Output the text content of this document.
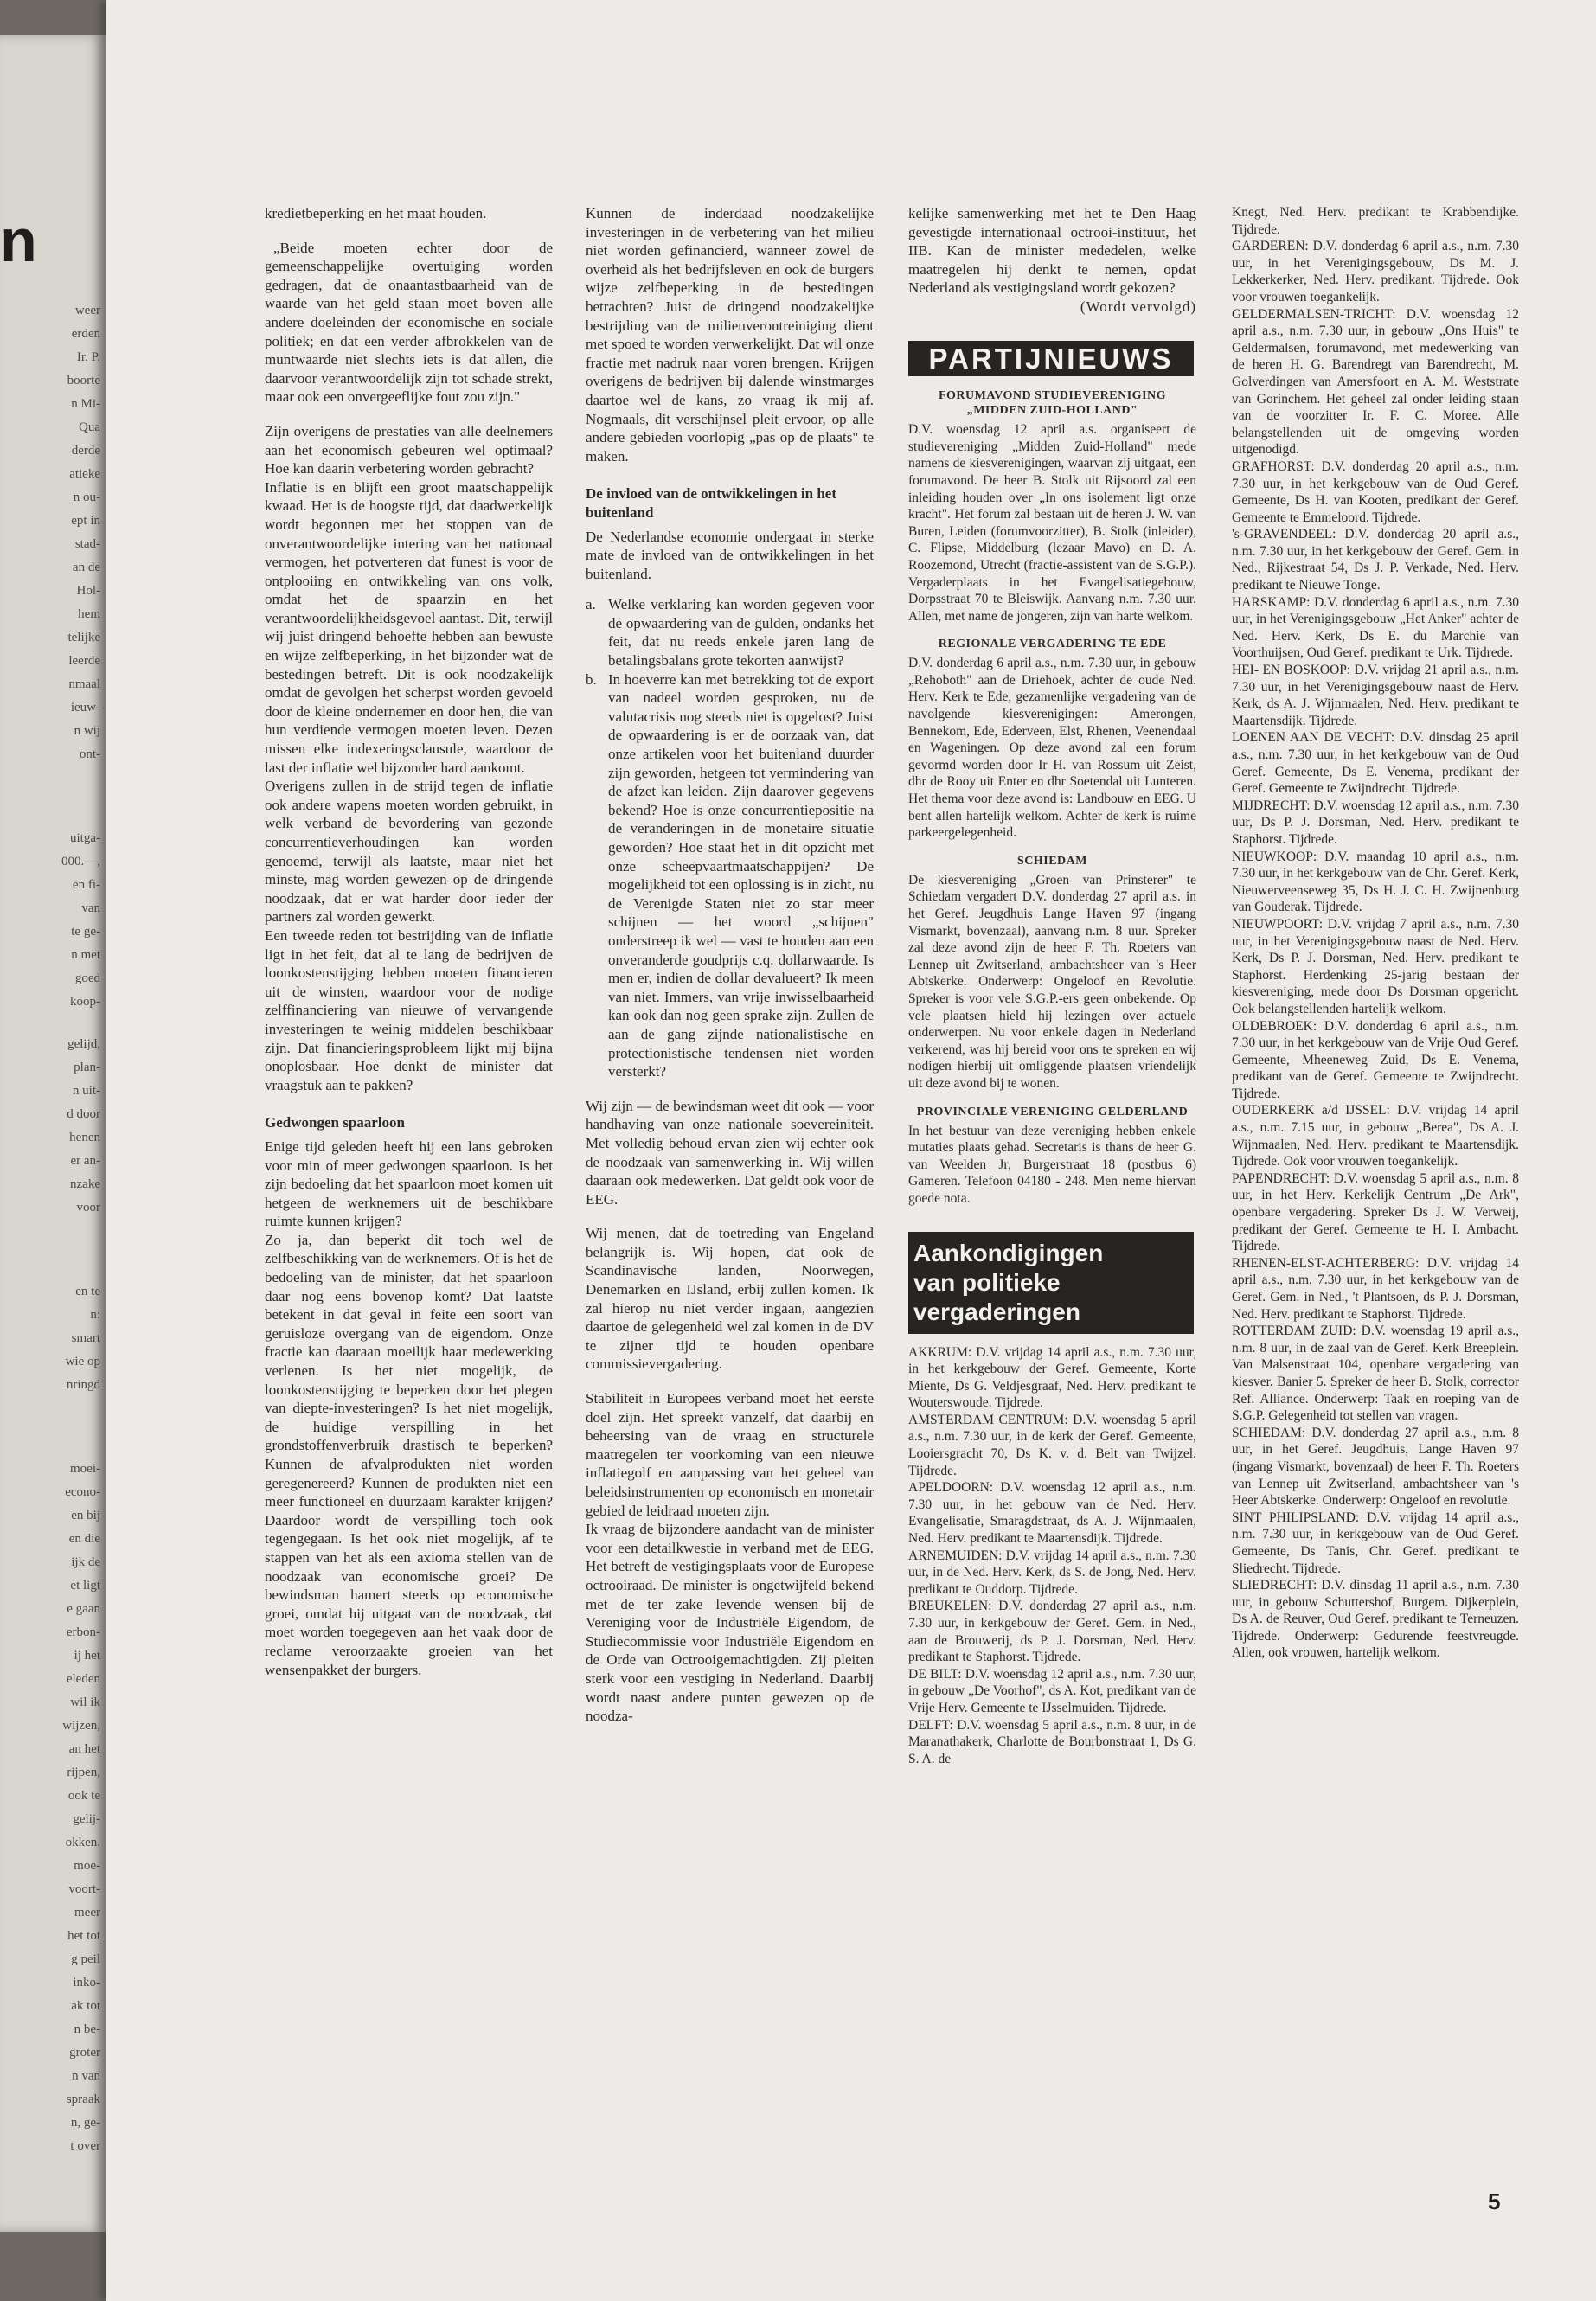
n
weer
erden
Ir. P.
boorte
n Mi-
Qua
derde
atieke
n ou-
ept in
stad-
an de
Hol-
hem
telijke
leerde
nmaal
ieuw-
n wij
ont-
uitga-
000.—,
en fi-
van
te ge-
n met
goed
koop-
gelijd,
plan-
n uit-
d door
henen
er an-
nzake
voor
en te
n:
smart
wie op
nringd
moei-
econo-
en bij
en die
ijk de
et ligt
e gaan
erbon-
ij het
eleden
wil ik
wijzen,
an het
rijpen,
ook te
gelij-
okken.
moe-
voort-
meer
het tot
g peil
inko-
ak tot
n be-
groter
n van
spraak
n, ge-
t over

kredietbeperking en het maat houden.

„Beide moeten echter door de gemeenschappelijke overtuiging worden gedragen, dat de onaantastbaarheid van de waarde van het geld staan moet boven alle andere doeleinden der economische en sociale politiek; en dat een verder afbrokkelen van de muntwaarde niet slechts iets is dat allen, die daarvoor verantwoordelijk zijn tot schade strekt, maar ook een onvergeeflijke fout zou zijn."

Zijn overigens de prestaties van alle deelnemers aan het economisch gebeuren wel optimaal? Hoe kan daarin verbetering worden gebracht?

Inflatie is en blijft een groot maatschappelijk kwaad. Het is de hoogste tijd, dat daadwerkelijk wordt begonnen met het stoppen van de onverantwoordelijke intering van het nationaal vermogen, het potverteren dat funest is voor de ontplooiing en ontwikkeling van ons volk, omdat het de spaarzin en het verantwoordelijkheidsgevoel aantast. Dit, terwijl wij juist dringend behoefte hebben aan bewuste en wijze zelfbeperking, in het bijzonder wat de bestedingen betreft. Dit is ook noodzakelijk omdat de gevolgen het scherpst worden gevoeld door de kleine ondernemer en door hen, die van hun verdiende vermogen moeten leven. Dezen missen elke indexeringsclausule, waardoor de last der inflatie wel bijzonder hard aankomt.

Overigens zullen in de strijd tegen de inflatie ook andere wapens moeten worden gebruikt, in welk verband de bevordering van gezonde concurrentieverhoudingen kan worden genoemd, terwijl als laatste, maar niet het minste, mag worden gewezen op de dringende noodzaak, dat er wat harder door ieder der partners zal worden gewerkt.

Een tweede reden tot bestrijding van de inflatie ligt in het feit, dat al te lang de bedrijven de loonkostenstijging hebben moeten financieren uit de winsten, waardoor voor de nodige zelffinanciering van nieuwe of vervangende investeringen te weinig middelen beschikbaar zijn. Dat financieringsprobleem lijkt mij bijna onoplosbaar. Hoe denkt de minister dat vraagstuk aan te pakken?

Gedwongen spaarloon

Enige tijd geleden heeft hij een lans gebroken voor min of meer gedwongen spaarloon. Is het zijn bedoeling dat het spaarloon moet komen uit hetgeen de werknemers uit de beschikbare ruimte kunnen krijgen?

Zo ja, dan beperkt dit toch wel de zelfbeschikking van de werknemers. Of is het de bedoeling van de minister, dat het spaarloon daar nog eens bovenop komt? Dat laatste betekent in dat geval in feite een soort van geruisloze overgang van de eigendom. Onze fractie kan daaraan moeilijk haar medewerking verlenen. Is het niet mogelijk, de loonkostenstijging te beperken door het plegen van diepte-investeringen? Is het niet mogelijk, de huidige verspilling in het grondstoffenverbruik drastisch te beperken? Kunnen de afvalprodukten niet worden geregenereerd? Kunnen de produkten niet een meer functioneel en duurzaam karakter krijgen? Daardoor wordt de verspilling toch ook tegengegaan. Is het ook niet mogelijk, af te stappen van het als een axioma stellen van de noodzaak van economische groei? De bewindsman hamert steeds op economische groei, omdat hij uitgaat van de noodzaak, dat moet worden toegegeven aan het vaak door de reclame veroorzaakte groeien van het wensenpakket der burgers.

Kunnen de inderdaad noodzakelijke investeringen in de verbetering van het milieu niet worden gefinancierd, wanneer zowel de overheid als het bedrijfsleven en ook de burgers wijze zelfbeperking in de bestedingen betrachten? Juist de dringend noodzakelijke bestrijding van de milieuverontreiniging dient met spoed te worden verwerkelijkt. Dat wil onze fractie met nadruk naar voren brengen. Krijgen overigens de bedrijven bij dalende winstmarges daartoe wel de kans, zo vraag ik mij af. Nogmaals, dit verschijnsel pleit ervoor, op alle andere gebieden voorlopig „pas op de plaats" te maken.

De invloed van de ontwikkelingen in het buitenland

De Nederlandse economie ondergaat in sterke mate de invloed van de ontwikkelingen in het buitenland.

a. Welke verklaring kan worden gegeven voor de opwaardering van de gulden, ondanks het feit, dat nu reeds enkele jaren lang de betalingsbalans grote tekorten aanwijst?
b. In hoeverre kan met betrekking tot de export van nadeel worden gesproken, nu de valutacrisis nog steeds niet is opgelost? Juist de opwaardering is er de oorzaak van, dat onze artikelen voor het buitenland duurder zijn geworden, hetgeen tot vermindering van de afzet kan leiden. Zijn daarover gegevens bekend? Hoe is onze concurrentiepositie na de veranderingen in de monetaire situatie geworden? Hoe staat het in dit opzicht met onze scheepvaartmaatschappijen? De mogelijkheid tot een oplossing is in zicht, nu de Verenigde Staten niet zo star meer schijnen — het woord „schijnen" onderstreep ik wel — vast te houden aan een onveranderde goudprijs c.q. dollarwaarde. Is men er, indien de dollar devalueert? Ik meen van niet. Immers, van vrije inwisselbaarheid kan ook dan nog geen sprake zijn. Zullen de aan de gang zijnde nationalistische en protectionistische tendensen niet worden versterkt?

Wij zijn — de bewindsman weet dit ook — voor handhaving van onze nationale soevereiniteit. Met volledig behoud ervan zien wij echter ook de noodzaak van samenwerking in. Wij willen daaraan ook medewerken. Dat geldt ook voor de EEG.

Wij menen, dat de toetreding van Engeland belangrijk is. Wij hopen, dat ook de Scandinavische landen, Noorwegen, Denemarken en IJsland, erbij zullen komen. Ik zal hierop nu niet verder ingaan, aangezien daartoe de gelegenheid wel zal komen in de DV te zijner tijd te houden openbare commissievergadering.

Stabiliteit in Europees verband moet het eerste doel zijn. Het spreekt vanzelf, dat daarbij en beheersing van de vraag en structurele maatregelen ter voorkoming van een nieuwe inflatiegolf en aanpassing van het geheel van beleidsinstrumenten op economisch en monetair gebied de leidraad moeten zijn.

Ik vraag de bijzondere aandacht van de minister voor een detailkwestie in verband met de EEG. Het betreft de vestigingsplaats voor de Europese octrooiraad. De minister is ongetwijfeld bekend met de ter zake levende wensen bij de Vereniging voor de Industriële Eigendom, de Studiecommissie voor Industriële Eigendom en de Orde van Octrooigemachtigden. Zij pleiten sterk voor een vestiging in Nederland. Daarbij wordt naast andere punten gewezen op de noodza-

kelijke samenwerking met het te Den Haag gevestigde internationaal octrooi-instituut, het IIB. Kan de minister mededelen, welke maatregelen hij denkt te nemen, opdat Nederland als vestigingsland wordt gekozen?

(Wordt vervolgd)

PARTIJNIEUWS
FORUMAVOND STUDIEVERENIGING „MIDDEN ZUID-HOLLAND"

D.V. woensdag 12 april a.s. organiseert de studievereniging „Midden Zuid-Holland" mede namens de kiesverenigingen, waarvan zij uitgaat, een forumavond. De heer B. Stolk uit Rijsoord zal een inleiding houden over „In ons isolement ligt onze kracht". Het forum zal bestaan uit de heren J. W. van Buren, Leiden (forumvoorzitter), B. Stolk (inleider), C. Flipse, Middelburg (lezaar Mavo) en D. A. Roozemond, Utrecht (fractie-assistent van de S.G.P.). Vergaderplaats in het Evangelisatiegebouw, Dorpsstraat 70 te Bleiswijk. Aanvang n.m. 7.30 uur. Allen, met name de jongeren, zijn van harte welkom.

REGIONALE VERGADERING TE EDE

D.V. donderdag 6 april a.s., n.m. 7.30 uur, in gebouw „Rehoboth" aan de Driehoek, achter de oude Ned. Herv. Kerk te Ede, gezamenlijke vergadering van de navolgende kiesverenigingen: Amerongen, Bennekom, Ede, Ederveen, Elst, Rhenen, Veenendaal en Wageningen. Op deze avond zal een forum gevormd worden door Ir H. van Rossum uit Zeist, dhr de Rooy uit Enter en dhr Soetendal uit Lunteren. Het thema voor deze avond is: Landbouw en EEG. U bent allen hartelijk welkom. Achter de kerk is ruime parkeergelegenheid.

SCHIEDAM

De kiesvereniging „Groen van Prinsterer" te Schiedam vergadert D.V. donderdag 27 april a.s. in het Geref. Jeugdhuis Lange Haven 97 (ingang Vismarkt, bovenzaal), aanvang n.m. 8 uur. Spreker zal deze avond zijn de heer F. Th. Roeters van Lennep uit Zwitserland, ambachtsheer van 's Heer Abtskerke. Onderwerp: Ongeloof en Revolutie. Spreker is voor vele S.G.P.-ers geen onbekende. Op vele plaatsen hield hij lezingen over actuele onderwerpen. Nu voor enkele dagen in Nederland verkerend, was hij bereid voor ons te spreken en wij nodigen hierbij uit omliggende plaatsen vriendelijk uit deze avond bij te wonen.

PROVINCIALE VERENIGING GELDERLAND

In het bestuur van deze vereniging hebben enkele mutaties plaats gehad. Secretaris is thans de heer G. van Weelden Jr, Burgerstraat 18 (postbus 6) Gameren. Telefoon 04180 - 248. Men neme hiervan goede nota.

Aankondigingen
van politieke vergaderingen

AKKRUM: D.V. vrijdag 14 april a.s., n.m. 7.30 uur, in het kerkgebouw der Geref. Gemeente, Korte Miente, Ds G. Veldjesgraaf, Ned. Herv. predikant te Wouterswoude. Tijdrede.

AMSTERDAM CENTRUM: D.V. woensdag 5 april a.s., n.m. 7.30 uur, in de kerk der Geref. Gemeente, Looiersgracht 70, Ds K. v. d. Belt van Twijzel. Tijdrede.

APELDOORN: D.V. woensdag 12 april a.s., n.m. 7.30 uur, in het gebouw van de Ned. Herv. Evangelisatie, Smaragdstraat, ds A. J. Wijnmaalen, Ned. Herv. predikant te Maartensdijk. Tijdrede.

ARNEMUIDEN: D.V. vrijdag 14 april a.s., n.m. 7.30 uur, in de Ned. Herv. Kerk, ds S. de Jong, Ned. Herv. predikant te Ouddorp. Tijdrede.

BREUKELEN: D.V. donderdag 27 april a.s., n.m. 7.30 uur, in kerkgebouw der Geref. Gem. in Ned., aan de Brouwerij, ds P. J. Dorsman, Ned. Herv. predikant te Staphorst. Tijdrede.

DE BILT: D.V. woensdag 12 april a.s., n.m. 7.30 uur, in gebouw „De Voorhof", ds A. Kot, predikant van de Vrije Herv. Gemeente te IJsselmuiden. Tijdrede.

DELFT: D.V. woensdag 5 april a.s., n.m. 8 uur, in de Maranathakerk, Charlotte de Bourbonstraat 1, Ds G. S. A. de

Knegt, Ned. Herv. predikant te Krabbendijke. Tijdrede.

GARDEREN: D.V. donderdag 6 april a.s., n.m. 7.30 uur, in het Verenigingsgebouw, Ds M. J. Lekkerkerker, Ned. Herv. predikant. Tijdrede. Ook voor vrouwen toegankelijk.

GELDERMALSEN-TRICHT: D.V. woensdag 12 april a.s., n.m. 7.30 uur, in gebouw „Ons Huis" te Geldermalsen, forumavond, met medewerking van de heren H. G. Barendregt van Barendrecht, M. Golverdingen van Amersfoort en A. M. Weststrate van Gorinchem. Het geheel zal onder leiding staan van de voorzitter Ir. F. C. Moree. Alle belangstellenden uit de omgeving worden uitgenodigd.

GRAFHORST: D.V. donderdag 20 april a.s., n.m. 7.30 uur, in het kerkgebouw van de Oud Geref. Gemeente, Ds H. van Kooten, predikant der Geref. Gemeente te Emmeloord. Tijdrede.

's-GRAVENDEEL: D.V. donderdag 20 april a.s., n.m. 7.30 uur, in het kerkgebouw der Geref. Gem. in Ned., Rijkestraat 54, Ds J. P. Verkade, Ned. Herv. predikant te Nieuwe Tonge.

HARSKAMP: D.V. donderdag 6 april a.s., n.m. 7.30 uur, in het Verenigingsgebouw „Het Anker" achter de Ned. Herv. Kerk, Ds E. du Marchie van Voorthuijsen, Oud Geref. predikant te Urk. Tijdrede.

HEI- EN BOSKOOP: D.V. vrijdag 21 april a.s., n.m. 7.30 uur, in het Verenigingsgebouw naast de Herv. Kerk, ds A. J. Wijnmaalen, Ned. Herv. predikant te Maartensdijk. Tijdrede.

LOENEN AAN DE VECHT: D.V. dinsdag 25 april a.s., n.m. 7.30 uur, in het kerkgebouw van de Oud Geref. Gemeente, Ds E. Venema, predikant der Geref. Gemeente te Zwijndrecht. Tijdrede.

MIJDRECHT: D.V. woensdag 12 april a.s., n.m. 7.30 uur, Ds P. J. Dorsman, Ned. Herv. predikant te Staphorst. Tijdrede.

NIEUWKOOP: D.V. maandag 10 april a.s., n.m. 7.30 uur, in het kerkgebouw van de Chr. Geref. Kerk, Nieuwerveenseweg 35, Ds H. J. C. H. Zwijnenburg van Gouderak. Tijdrede.

NIEUWPOORT: D.V. vrijdag 7 april a.s., n.m. 7.30 uur, in het Verenigingsgebouw naast de Ned. Herv. Kerk, Ds P. J. Dorsman, Ned. Herv. predikant te Staphorst. Herdenking 25-jarig bestaan der kiesvereniging, mede door Ds Dorsman opgericht. Ook belangstellenden hartelijk welkom.

OLDEBROEK: D.V. donderdag 6 april a.s., n.m. 7.30 uur, in het kerkgebouw van de Vrije Oud Geref. Gemeente, Mheeneweg Zuid, Ds E. Venema, predikant van de Geref. Gemeente te Zwijndrecht. Tijdrede.

OUDERKERK a/d IJSSEL: D.V. vrijdag 14 april a.s., n.m. 7.15 uur, in gebouw „Berea", Ds A. J. Wijnmaalen, Ned. Herv. predikant te Maartensdijk. Tijdrede. Ook voor vrouwen toegankelijk.

PAPENDRECHT: D.V. woensdag 5 april a.s., n.m. 8 uur, in het Herv. Kerkelijk Centrum „De Ark", openbare vergadering. Spreker Ds J. W. Verweij, predikant der Geref. Gemeente te H. I. Ambacht. Tijdrede.

RHENEN-ELST-ACHTERBERG: D.V. vrijdag 14 april a.s., n.m. 7.30 uur, in het kerkgebouw van de Geref. Gem. in Ned., 't Plantsoen, ds P. J. Dorsman, Ned. Herv. predikant te Staphorst. Tijdrede.

ROTTERDAM ZUID: D.V. woensdag 19 april a.s., n.m. 8 uur, in de zaal van de Geref. Kerk Breeplein. Van Malsenstraat 104, openbare vergadering van kiesver. Banier 5. Spreker de heer B. Stolk, corrector Ref. Alliance. Onderwerp: Taak en roeping van de S.G.P. Gelegenheid tot stellen van vragen.

SCHIEDAM: D.V. donderdag 27 april a.s., n.m. 8 uur, in het Geref. Jeugdhuis, Lange Haven 97 (ingang Vismarkt, bovenzaal) de heer F. Th. Roeters van Lennep uit Zwitserland, ambachtsheer van 's Heer Abtskerke. Onderwerp: Ongeloof en revolutie.

SINT PHILIPSLAND: D.V. vrijdag 14 april a.s., n.m. 7.30 uur, in kerkgebouw van de Oud Geref. Gemeente, Ds Tanis, Chr. Geref. predikant te Sliedrecht. Tijdrede.

SLIEDRECHT: D.V. dinsdag 11 april a.s., n.m. 7.30 uur, in gebouw Schuttershof, Burgem. Dijkerplein, Ds A. de Reuver, Oud Geref. predikant te Terneuzen. Tijdrede. Onderwerp: Gedurende feestvreugde. Allen, ook vrouwen, hartelijk welkom.

5
